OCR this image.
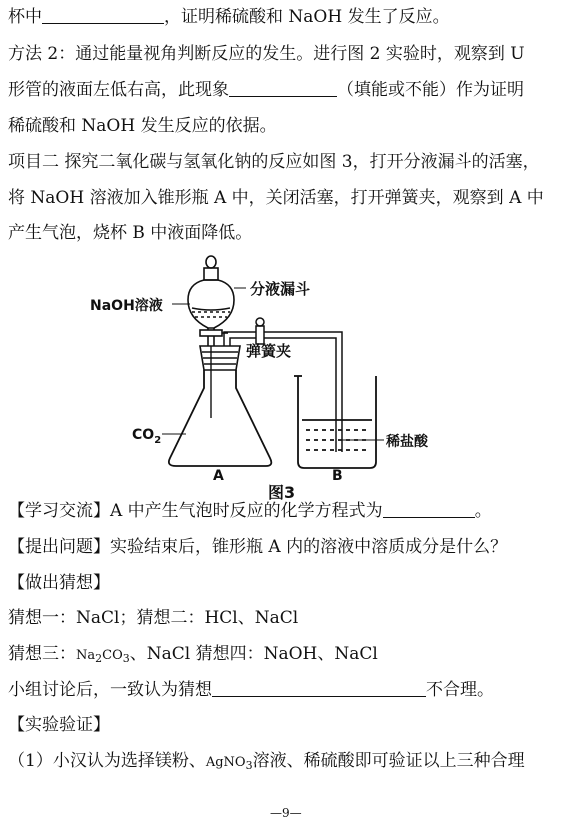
杯中	，证明稀硫酸和 NaOH 发生了反应。
方法 2：通过能量视角判断反应的发生。进行图 2 实验时，观察到 U
形管的液面左低右高，此现象	（填能或不能）作为证明
稀硫酸和 NaOH 发生反应的依据。
项目二 探究二氧化碳与氢氧化钠的反应如图 3，打开分液漏斗的活塞，
将 NaOH 溶液加入锥形瓶 A 中，关闭活塞，打开弹簧夹，观察到 A 中
产生气泡，烧杯 B 中液面降低。
分液漏斗
NaOH溶液
弹簧夹
$CO_2$	稀盐酸
A	B
图3
【学习交流】A 中产生气泡时反应的化学方程式为	。
【提出问题】实验结束后，锥形瓶 A 内的溶液中溶质成分是什么？
【做出猜想】
猜想一：NaCl；猜想二：HCl、NaCl
猜想三：$Na_2CO_3$、NaCl 猜想四：NaOH、NaCl
小组讨论后，一致认为猜想	不合理。
【实验验证】
（1）小汉认为选择镁粉、AgNO$_3$溶液、稀硫酸即可验证以上三种合理
—9—
